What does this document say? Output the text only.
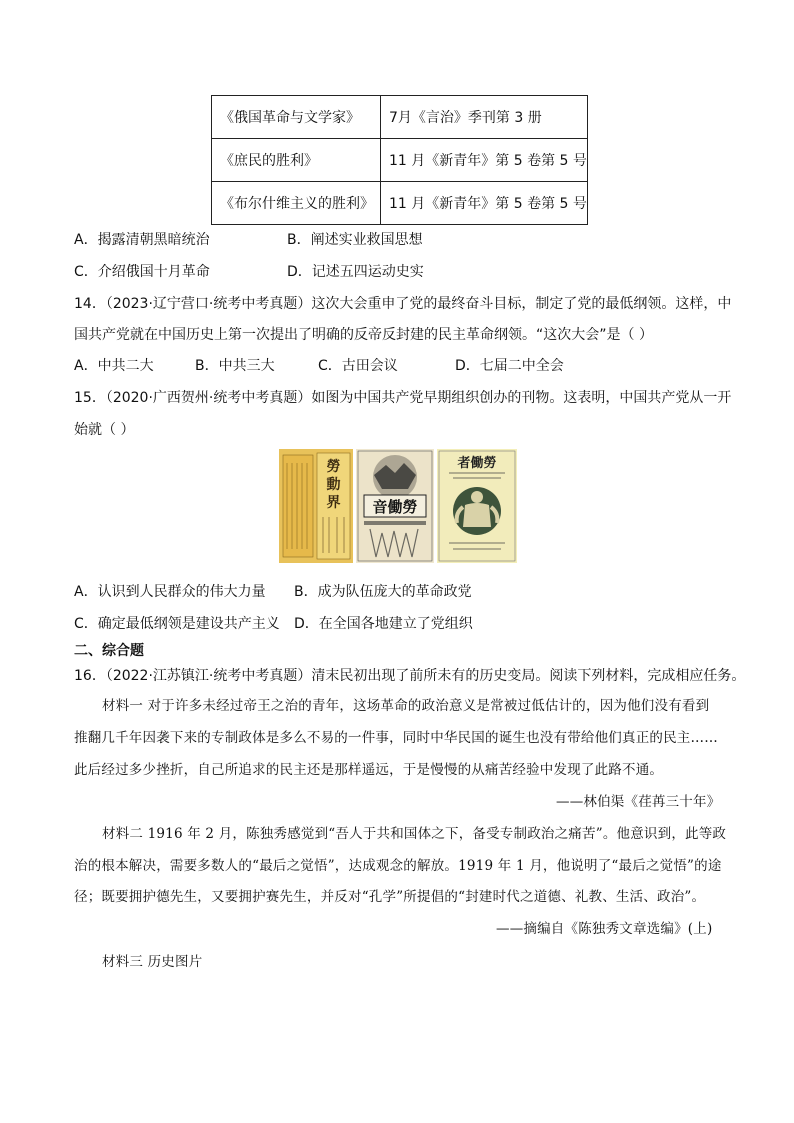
《俄国革命与文学家》	7月《言治》季刊第 3 册
《庶民的胜利》	11 月《新青年》第 5 卷第 5 号
《布尔什维主义的胜利》	11 月《新青年》第 5 卷第 5 号
A．揭露清朝黑暗统治	B．阐述实业救国思想
C．介绍俄国十月革命	D．记述五四运动史实
14．（2023·辽宁营口·统考中考真题）这次大会重申了党的最终奋斗目标，制定了党的最低纲领。这样，中
国共产党就在中国历史上第一次提出了明确的反帝反封建的民主革命纲领。“这次大会”是（ ）
A．中共二大	B．中共三大	C．古田会议	D．七届二中全会
15．（2020·广西贺州·统考中考真题）如图为中国共产党早期组织创办的刊物。这表明，中国共产党从一开
始就（ ）
勞
動
界 音働勞
者働勞
A．认识到人民群众的伟大力量 B．成为队伍庞大的革命政党
C．确定最低纲领是建设共产主义 D．在全国各地建立了党组织
二、综合题
16．（2022·江苏镇江·统考中考真题）清末民初出现了前所未有的历史变局。阅读下列材料，完成相应任务。
材料一 对于许多未经过帝王之治的青年，这场革命的政治意义是常被过低估计的，因为他们没有看到
推翻几千年因袭下来的专制政体是多么不易的一件事，同时中华民国的诞生也没有带给他们真正的民主……
此后经过多少挫折，自己所追求的民主还是那样遥远，于是慢慢的从痛苦经验中发现了此路不通。
——林伯渠《荏苒三十年》
材料二 1916 年 2 月，陈独秀感觉到“吾人于共和国体之下，备受专制政治之痛苦”。他意识到，此等政
治的根本解决，需要多数人的“最后之觉悟”，达成观念的解放。1919 年 1 月，他说明了“最后之觉悟”的途
径；既要拥护德先生，又要拥护赛先生，并反对“孔学”所提倡的“封建时代之道德、礼教、生活、政治”。
——摘编自《陈独秀文章选编》(上)
材料三 历史图片
